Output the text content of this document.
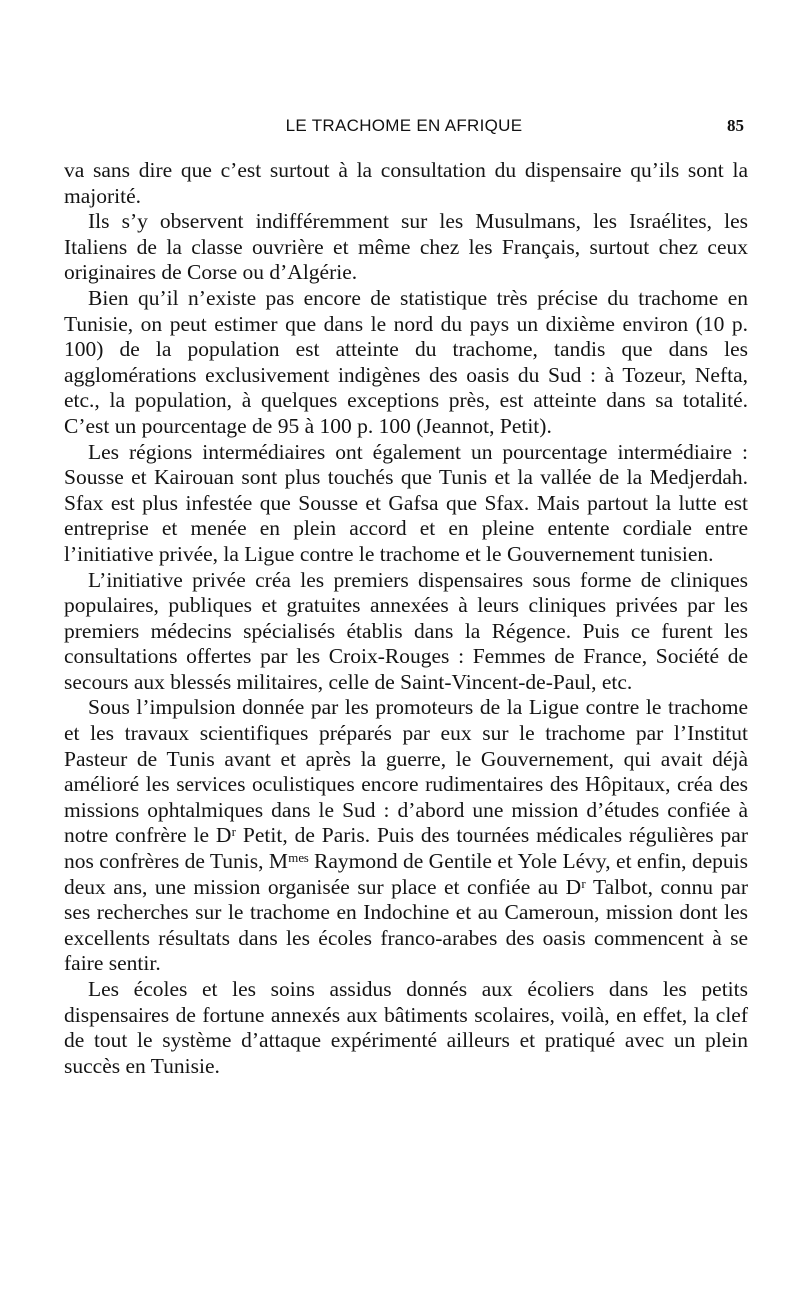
LE TRACHOME EN AFRIQUE	85

va sans dire que c’est surtout à la consultation du dispensaire qu’ils sont la majorité.

Ils s’y observent indifféremment sur les Musulmans, les Israélites, les Italiens de la classe ouvrière et même chez les Français, surtout chez ceux originaires de Corse ou d’Algérie.

Bien qu’il n’existe pas encore de statistique très précise du trachome en Tunisie, on peut estimer que dans le nord du pays un dixième environ (10 p. 100) de la population est atteinte du trachome, tandis que dans les agglomérations exclusivement indigènes des oasis du Sud : à Tozeur, Nefta, etc., la population, à quelques exceptions près, est atteinte dans sa totalité. C’est un pourcentage de 95 à 100 p. 100 (Jeannot, Petit).

Les régions intermédiaires ont également un pourcentage intermédiaire : Sousse et Kairouan sont plus touchés que Tunis et la vallée de la Medjerdah. Sfax est plus infestée que Sousse et Gafsa que Sfax. Mais partout la lutte est entreprise et menée en plein accord et en pleine entente cordiale entre l’initiative privée, la Ligue contre le trachome et le Gouvernement tunisien.

L’initiative privée créa les premiers dispensaires sous forme de cliniques populaires, publiques et gratuites annexées à leurs cliniques privées par les premiers médecins spécialisés établis dans la Régence. Puis ce furent les consultations offertes par les Croix-Rouges : Femmes de France, Société de secours aux blessés militaires, celle de Saint-Vincent-de-Paul, etc.

Sous l’impulsion donnée par les promoteurs de la Ligue contre le trachome et les travaux scientifiques préparés par eux sur le trachome par l’Institut Pasteur de Tunis avant et après la guerre, le Gouvernement, qui avait déjà amélioré les services oculistiques encore rudimentaires des Hôpitaux, créa des missions ophtalmiques dans le Sud : d’abord une mission d’études confiée à notre confrère le Dʳ Petit, de Paris. Puis des tournées médicales régulières par nos confrères de Tunis, Mᵐᵉˢ Raymond de Gentile et Yole Lévy, et enfin, depuis deux ans, une mission organisée sur place et confiée au Dʳ Talbot, connu par ses recherches sur le trachome en Indochine et au Cameroun, mission dont les excellents résultats dans les écoles franco-arabes des oasis commencent à se faire sentir.

Les écoles et les soins assidus donnés aux écoliers dans les petits dispensaires de fortune annexés aux bâtiments scolaires, voilà, en effet, la clef de tout le système d’attaque expérimenté ailleurs et pratiqué avec un plein succès en Tunisie.
